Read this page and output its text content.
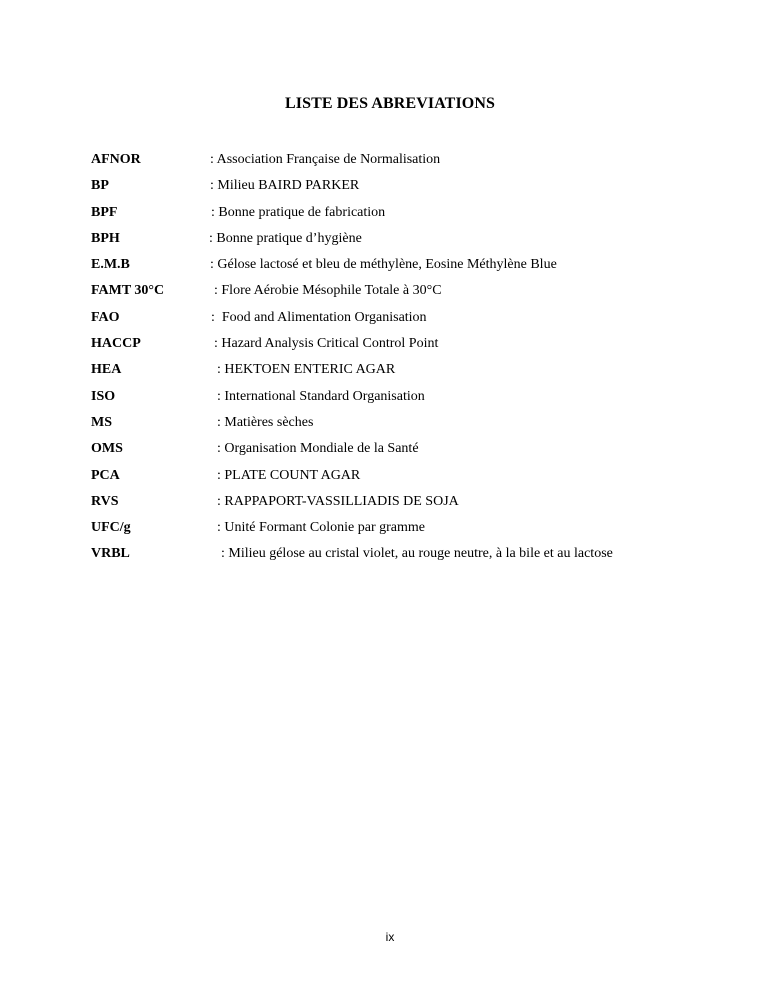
LISTE DES ABREVIATIONS
AFNOR	: Association Française de Normalisation
BP	: Milieu BAIRD PARKER
BPF	: Bonne pratique de fabrication
BPH	: Bonne pratique d’hygiène
E.M.B	: Gélose lactosé et bleu de méthylène, Eosine Méthylène Blue
FAMT 30°C	: Flore Aérobie Mésophile Totale à 30°C
FAO	:  Food and Alimentation Organisation
HACCP	: Hazard Analysis Critical Control Point
HEA	: HEKTOEN ENTERIC AGAR
ISO	: International Standard Organisation
MS	: Matières sèches
OMS	: Organisation Mondiale de la Santé
PCA	: PLATE COUNT AGAR
RVS	: RAPPAPORT-VASSILLIADIS DE SOJA
UFC/g	: Unité Formant Colonie par gramme
VRBL	: Milieu gélose au cristal violet, au rouge neutre, à la bile et au lactose
ix
